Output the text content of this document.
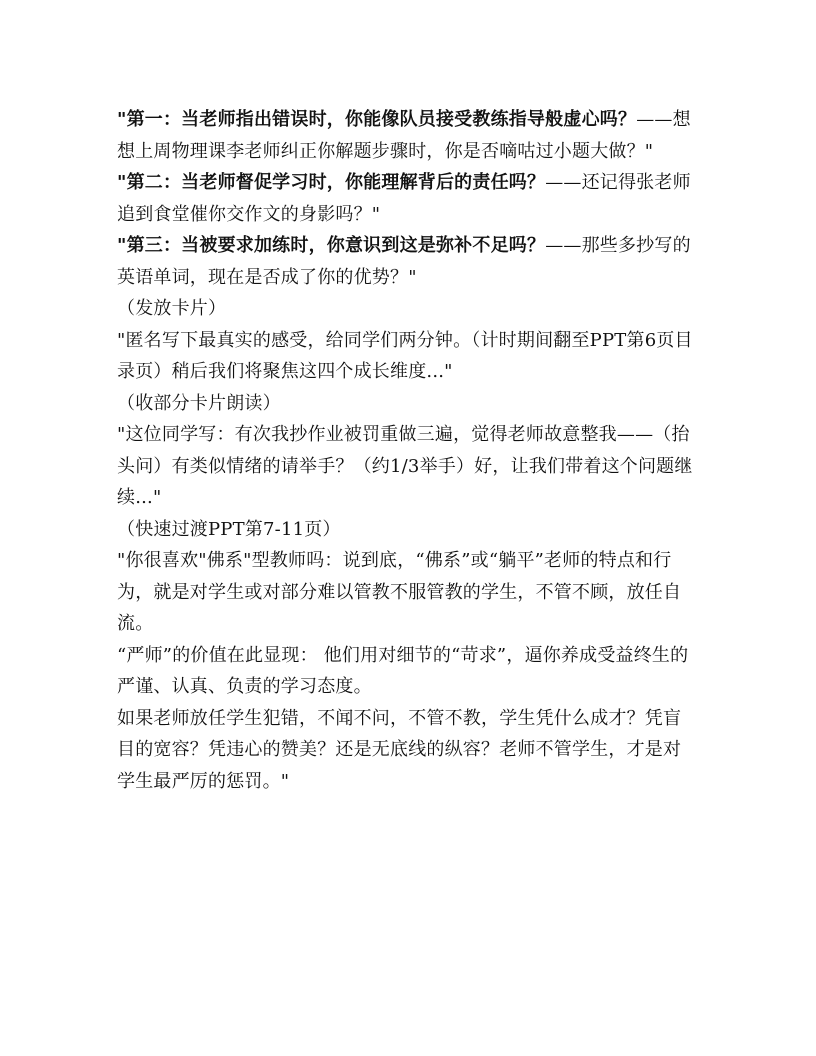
"第一：当老师指出错误时，你能像队员接受教练指导般虚心吗？——想想上周物理课李老师纠正你解题步骤时，你是否嘀咕过小题大做？"

"第二：当老师督促学习时，你能理解背后的责任吗？——还记得张老师追到食堂催你交作文的身影吗？"

"第三：当被要求加练时，你意识到这是弥补不足吗？——那些多抄写的英语单词，现在是否成了你的优势？"

（发放卡片）

"匿名写下最真实的感受，给同学们两分钟。（计时期间翻至PPT第6页目录页）稍后我们将聚焦这四个成长维度..."

（收部分卡片朗读）

"这位同学写：有次我抄作业被罚重做三遍，觉得老师故意整我——（抬头问）有类似情绪的请举手？（约1/3举手）好，让我们带着这个问题继续..."

（快速过渡PPT第7-11页）

"你很喜欢"佛系"型教师吗：说到底，“佛系”或“躺平”老师的特点和行为，就是对学生或对部分难以管教不服管教的学生，不管不顾，放任自流。

“严师”的价值在此显现： 他们用对细节的“苛求”，逼你养成受益终生的严谨、认真、负责的学习态度。

如果老师放任学生犯错，不闻不问，不管不教，学生凭什么成才？凭盲目的宽容？凭违心的赞美？还是无底线的纵容？老师不管学生，才是对学生最严厉的惩罚。"
